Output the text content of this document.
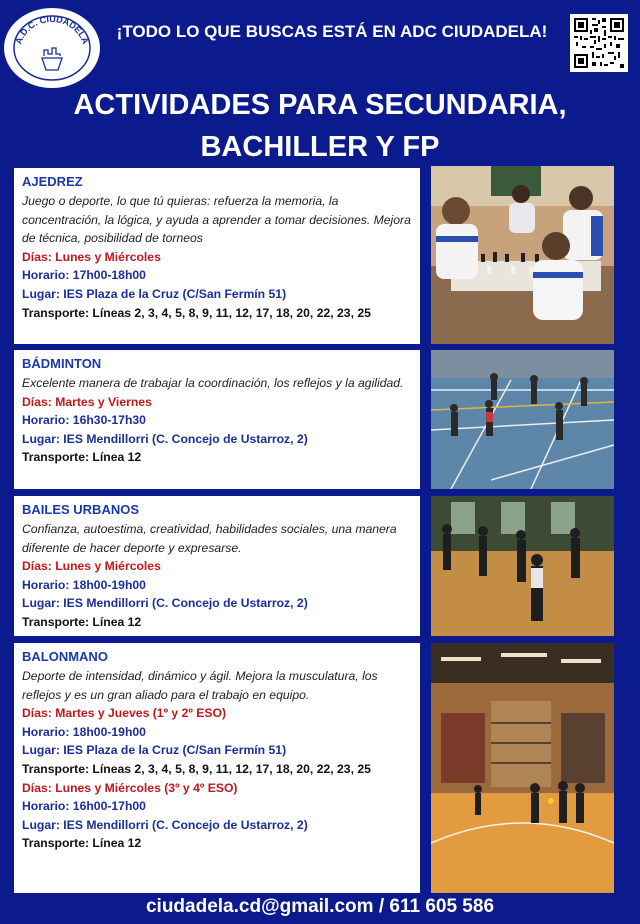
A.D.C. CIUDADELA	¡TODO LO QUE BUSCAS ESTÁ EN ADC CIUDADELA!
ACTIVIDADES PARA SECUNDARIA,
BACHILLER Y FP
AJEDREZ
Juego o deporte, lo que tú quieras: refuerza la memoria, la concentración, la lógica, y ayuda a aprender a tomar decisiones. Mejora de técnica, posibilidad de torneos
Días: Lunes y Miércoles
Horario: 17h00-18h00
Lugar: IES Plaza de la Cruz (C/San Fermín 51)
Transporte: Líneas 2, 3, 4, 5, 8, 9, 11, 12, 17, 18, 20, 22, 23, 25
BÁDMINTON
Excelente manera de trabajar la coordinación, los reflejos y la agilidad.
Días: Martes y Viernes
Horario: 16h30-17h30
Lugar: IES Mendillorri (C. Concejo de Ustarroz, 2)
Transporte: Línea 12
BAILES URBANOS
Confianza, autoestima, creatividad, habilidades sociales, una manera diferente de hacer deporte y expresarse.
Días: Lunes y Miércoles
Horario: 18h00-19h00
Lugar: IES Mendillorri (C. Concejo de Ustarroz, 2)
Transporte: Línea 12
BALONMANO
Deporte de intensidad, dinámico y ágil. Mejora la musculatura, los reflejos y es un gran aliado para el trabajo en equipo.
Días: Martes y Jueves (1º y 2º ESO)
Horario: 18h00-19h00
Lugar: IES Plaza de la Cruz (C/San Fermín 51)
Transporte: Líneas 2, 3, 4, 5, 8, 9, 11, 12, 17, 18, 20, 22, 23, 25
Días: Lunes y Miércoles (3º y 4º ESO)
Horario: 16h00-17h00
Lugar: IES Mendillorri (C. Concejo de Ustarroz, 2)
Transporte: Línea 12
ciudadela.cd@gmail.com / 611 605 586
